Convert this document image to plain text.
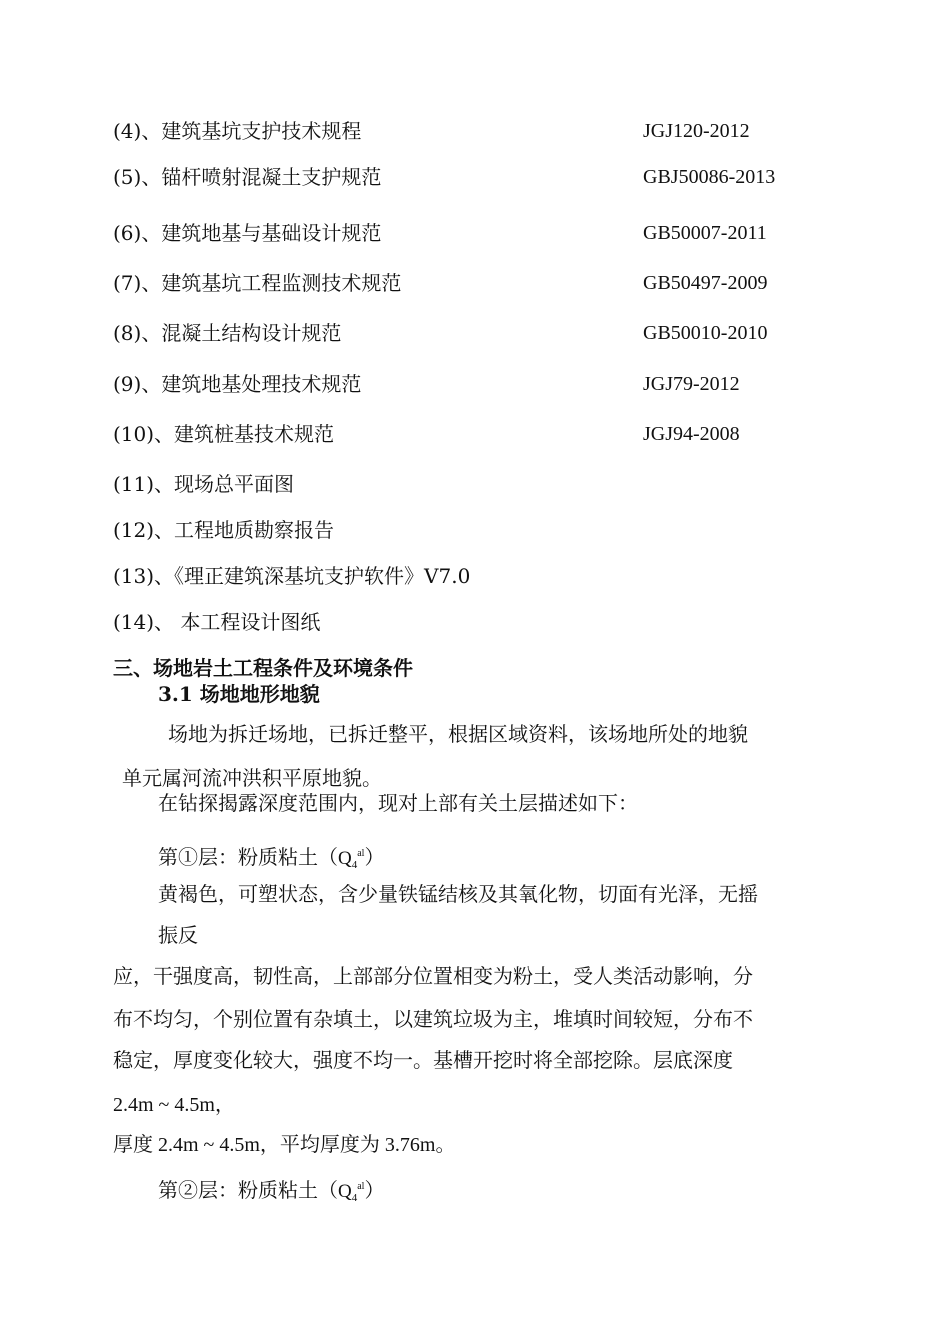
(4)、建筑基坑支护技术规程	JGJ120-2012
(5)、锚杆喷射混凝土支护规范	GBJ50086-2013
(6)、建筑地基与基础设计规范	GB50007-2011
(7)、建筑基坑工程监测技术规范	GB50497-2009
(8)、混凝土结构设计规范	GB50010-2010
(9)、建筑地基处理技术规范	JGJ79-2012
(10)、建筑桩基技术规范	JGJ94-2008
(11)、现场总平面图
(12)、工程地质勘察报告
(13)、《理正建筑深基坑支护软件》V7.0
(14)、 本工程设计图纸
三、场地岩土工程条件及环境条件
3.1 场地地形地貌
场地为拆迁场地，已拆迁整平，根据区域资料，该场地所处的地貌
单元属河流冲洪积平原地貌。
在钻探揭露深度范围内，现对上部有关土层描述如下：
第①层：粉质粘土$(Q_4^{al})$
黄褐色，可塑状态，含少量铁锰结核及其氧化物，切面有光泽，无摇
振反
应，干强度高，韧性高，上部部分位置相变为粉土，受人类活动影响，分
布不均匀，个别位置有杂填土，以建筑垃圾为主，堆填时间较短，分布不
稳定，厚度变化较大，强度不均一。基槽开挖时将全部挖除。层底深度
2.4m ~ 4.5m，
厚度 2.4m ~ 4.5m，平均厚度为 3.76m。
第②层：粉质粘土$(Q_4^{al})$
